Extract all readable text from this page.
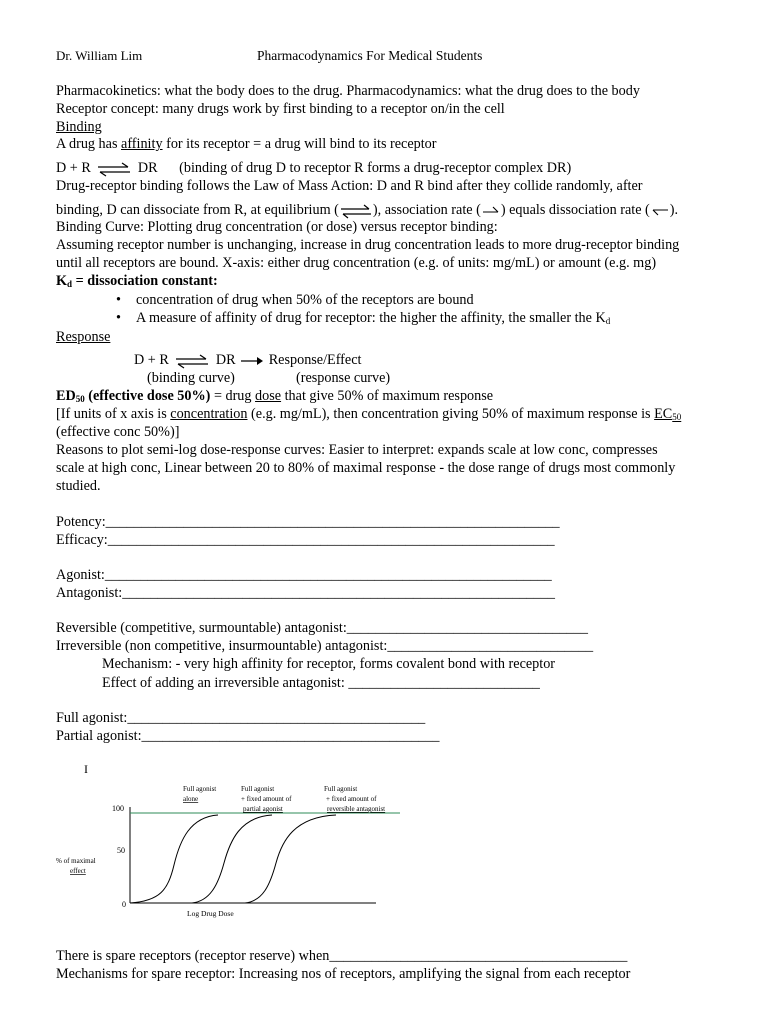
Dr. William Lim	Pharmacodynamics For Medical Students
Pharmacokinetics: what the body does to the drug. Pharmacodynamics: what the drug does to the body
Receptor concept: many drugs work by first binding to a receptor on/in the cell
Binding
A drug has affinity for its receptor = a drug will bind to its receptor
D + R ⇌ DR (binding of drug D to receptor R forms a drug-receptor complex DR)
Drug-receptor binding follows the Law of Mass Action: D and R bind after they collide randomly, after
binding, D can dissociate from R, at equilibrium (⇌), association rate ( ) equals dissociation rate ( ).
Binding Curve: Plotting drug concentration (or dose) versus receptor binding:
Assuming receptor number is unchanging, increase in drug concentration leads to more drug-receptor binding
until all receptors are bound. X-axis: either drug concentration (e.g. of units: mg/mL) or amount (e.g. mg)
$K_d$ = dissociation constant:
• concentration of drug when 50% of the receptors are bound
• A measure of affinity of drug for receptor: the higher the affinity, the smaller the $K_d$
Response
D + R ⇌ DR Response/Effect
(binding curve)	(response curve)
$ED_{50}$ (effective dose 50%) = drug dose that give 50% of maximum response
[If units of x axis is concentration (e.g. mg/mL), then concentration giving 50% of maximum response is $EC_{50}$
(effective conc 50%)]
Reasons to plot semi-log dose-response curves: Easier to interpret: expands scale at low conc, compresses
scale at high conc, Linear between 20 to 80% of maximal response - the dose range of drugs most commonly
studied.
Potency:________________________________________________________________
Efficacy:_______________________________________________________________
Agonist:_______________________________________________________________
Antagonist:_____________________________________________________________
Reversible (competitive, surmountable) antagonist:__________________________________
Irreversible (non competitive, insurmountable) antagonist:_____________________________
Mechanism: - very high affinity for receptor, forms covalent bond with receptor
Effect of adding an irreversible antagonist: ___________________________
Full agonist:__________________________________________
Partial agonist:__________________________________________
I
100
50
0
% of maximal
effect
Log Drug Dose
Full agonist
alone
Full agonist
+ fixed amount of
partial agonist
Full agonist
+ fixed amount of
reversible antagonist
There is spare receptors (receptor reserve) when__________________________________________
Mechanisms for spare receptor: Increasing nos of receptors, amplifying the signal from each receptor
